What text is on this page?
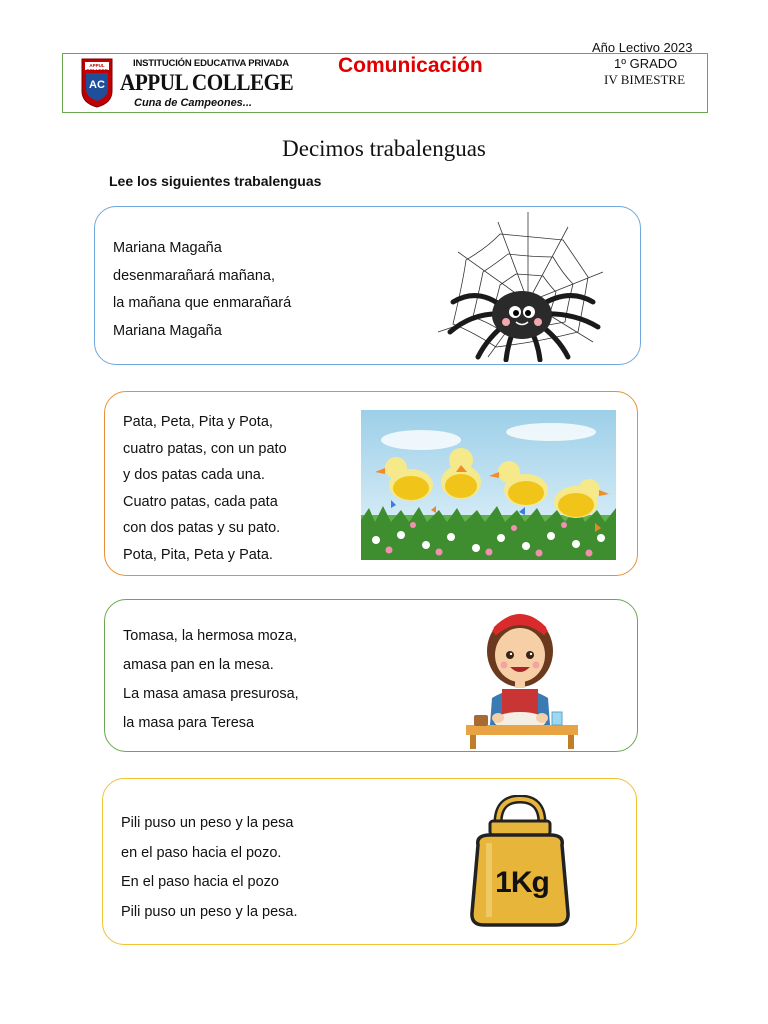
APPUL COLLEGE
AC
INSTITUCIÓN EDUCATIVA PRIVADA
APPUL COLLEGE
Cuna de Campeones...
Comunicación
Año Lectivo 2023
1º GRADO
IV BIMESTRE
Decimos trabalenguas
Lee los siguientes trabalenguas
Mariana Magaña
desenmarañará mañana,
la mañana que enmarañará
Mariana Magaña
Pata, Peta, Pita y Pota,
cuatro patas, con un pato
y dos patas cada una.
Cuatro patas, cada pata
con dos patas y su pato.
Pota, Pita, Peta y Pata.
Tomasa, la hermosa moza,
amasa pan en la mesa.
La masa amasa presurosa,
la masa para Teresa
Pili puso un peso y la pesa
en el paso hacia el pozo.
En el paso hacia el pozo
Pili puso un peso y la pesa.
1Kg
